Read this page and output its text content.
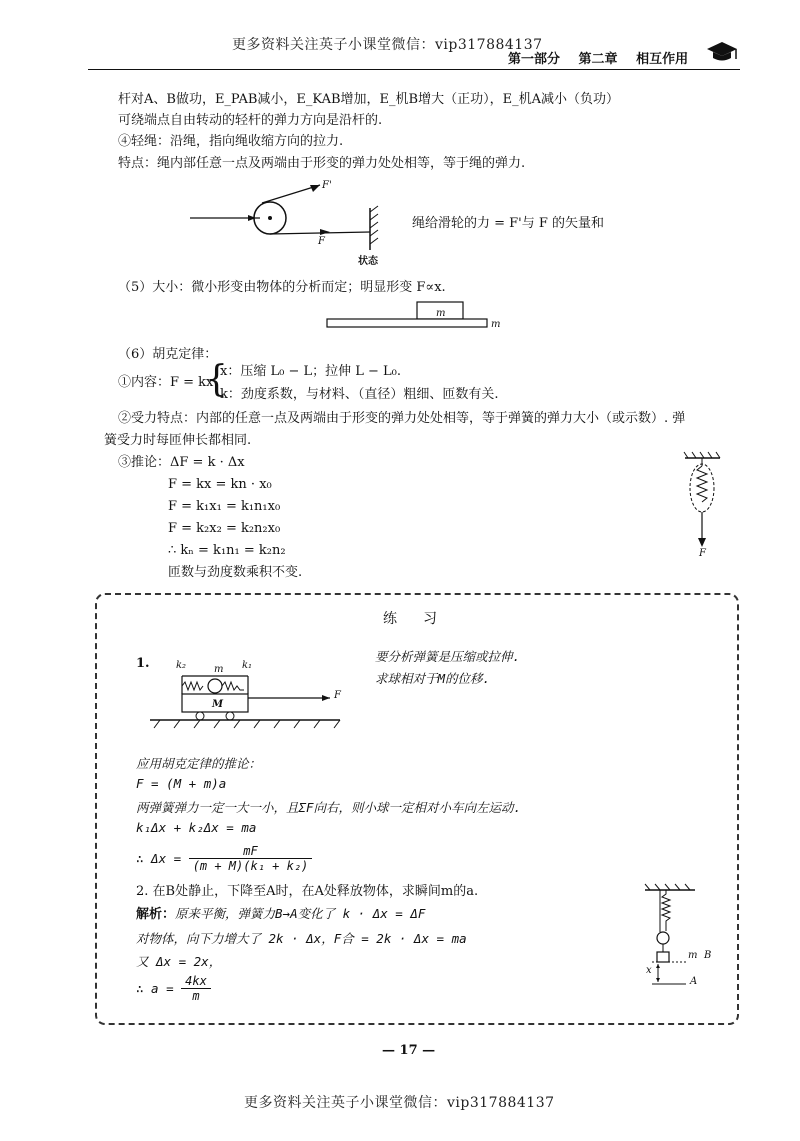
更多资料关注英子小课堂微信：vip317884137
第一部分 第二章 相互作用
杆对A、B做功，E_PAB减小，E_KAB增加，E_机B增大（正功），E_机A减小（负功）
可绕端点自由转动的轻杆的弹力方向是沿杆的.
④轻绳：沿绳，指向绳收缩方向的拉力.
特点：绳内部任意一点及两端由于形变的弹力处处相等，等于绳的弹力.
F'
F
状态
绳给滑轮的力 = F'与 F 的矢量和
（5）大小：微小形变由物体的分析而定；明显形变 F∝x.
m
m
（6）胡克定律：
①内容：F = kx
{
x：压缩 L₀ − L；拉伸 L − L₀.
k：劲度系数，与材料、（直径）粗细、匝数有关.
②受力特点：内部的任意一点及两端由于形变的弹力处处相等，等于弹簧的弹力大小（或示数）. 弹
簧受力时每匝伸长都相同.
③推论：ΔF = k · Δx
F = kx = kn · x₀
F = k₁x₁ = k₁n₁x₀
F = k₂x₂ = k₂n₂x₀
∴ kₙ = k₁n₁ = k₂n₂
匝数与劲度数乘积不变.
F
练　习
要分析弹簧是压缩或拉伸.
求球相对于M的位移.
1.	k₂	m k₁
M
F
应用胡克定律的推论：
F = (M + m)a
两弹簧弹力一定一大一小，且ΣF向右，则小球一定相对小车向左运动.
k₁Δx + k₂Δx = ma
∴ $\Delta x = \frac{mF}{\text{(m + M)(k₁ + k₂)}}$
2. 在B处静止，下降至A时，在A处释放物体，求瞬间m的a.
解析：原来平衡，弹簧力B→A变化了 k · Δx = ΔF
对物体，向下力增大了 2k · Δx，F合 = 2k · Δx = ma
又 Δx = 2x，
∴ $a = \frac{4kx}{m}$
m B
x
A
— 17 —
更多资料关注英子小课堂微信：vip317884137
